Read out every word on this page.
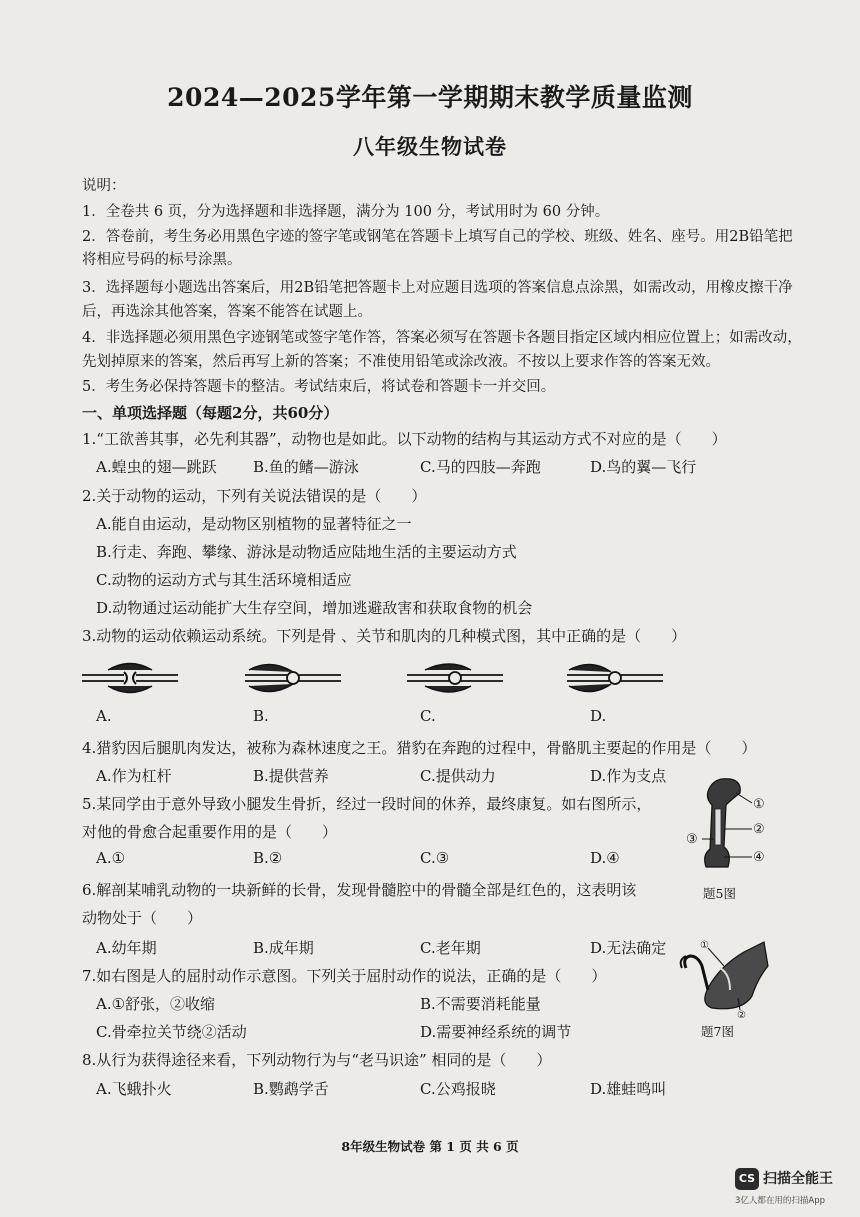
2024—2025学年第一学期期末教学质量监测
八年级生物试卷
说明：
1．全卷共 6 页，分为选择题和非选择题，满分为 100 分，考试用时为 60 分钟。
2．答卷前，考生务必用黑色字迹的签字笔或钢笔在答题卡上填写自己的学校、班级、姓名、座号。用2B铅笔把
将相应号码的标号涂黑。
3．选择题每小题选出答案后，用2B铅笔把答题卡上对应题目选项的答案信息点涂黑，如需改动，用橡皮擦干净
后，再选涂其他答案，答案不能答在试题上。
4．非选择题必须用黑色字迹钢笔或签字笔作答，答案必须写在答题卡各题目指定区域内相应位置上；如需改动，
先划掉原来的答案，然后再写上新的答案；不准使用铅笔或涂改液。不按以上要求作答的答案无效。
5．考生务必保持答题卡的整洁。考试结束后，将试卷和答题卡一并交回。
一、单项选择题（每题2分，共60分）
1.“工欲善其事，必先利其器”，动物也是如此。以下动物的结构与其运动方式不对应的是（　　）
A.蝗虫的翅—跳跃 B.鱼的鳍—游泳	C.马的四肢—奔跑	D.鸟的翼—飞行
2.关于动物的运动，下列有关说法错误的是（　　）
A.能自由运动，是动物区别植物的显著特征之一
B.行走、奔跑、攀缘、游泳是动物适应陆地生活的主要运动方式
C.动物的运动方式与其生活环境相适应
D.动物通过运动能扩大生存空间，增加逃避敌害和获取食物的机会
3.动物的运动依赖运动系统。下列是骨 、关节和肌肉的几种模式图，其中正确的是（　　）
A.	B.	C.	D.
4.猎豹因后腿肌肉发达，被称为森林速度之王。猎豹在奔跑的过程中，骨骼肌主要起的作用是（　　）
A.作为杠杆	B.提供营养	C.提供动力	D.作为支点
5.某同学由于意外导致小腿发生骨折，经过一段时间的休养，最终康复。如右图所示，
对他的骨愈合起重要作用的是（　　）
A.①	B.②	C.③	D.④
①
②
③
④
题5图
6.解剖某哺乳动物的一块新鲜的长骨，发现骨髓腔中的骨髓全部是红色的，这表明该
动物处于（　　）
A.幼年期	B.成年期	C.老年期	D.无法确定	①
②
题7图
7.如右图是人的屈肘动作示意图。下列关于屈肘动作的说法，正确的是（　　）
A.①舒张，②收缩	B.不需要消耗能量
C.骨牵拉关节绕②活动	D.需要神经系统的调节
8.从行为获得途径来看，下列动物行为与“老马识途” 相同的是（　　）
A.飞蛾扑火	B.鹦鹉学舌	C.公鸡报晓	D.雄蛙鸣叫
8年级生物试卷 第 1 页 共 6 页
CS 扫描全能王
3亿人都在用的扫描App
